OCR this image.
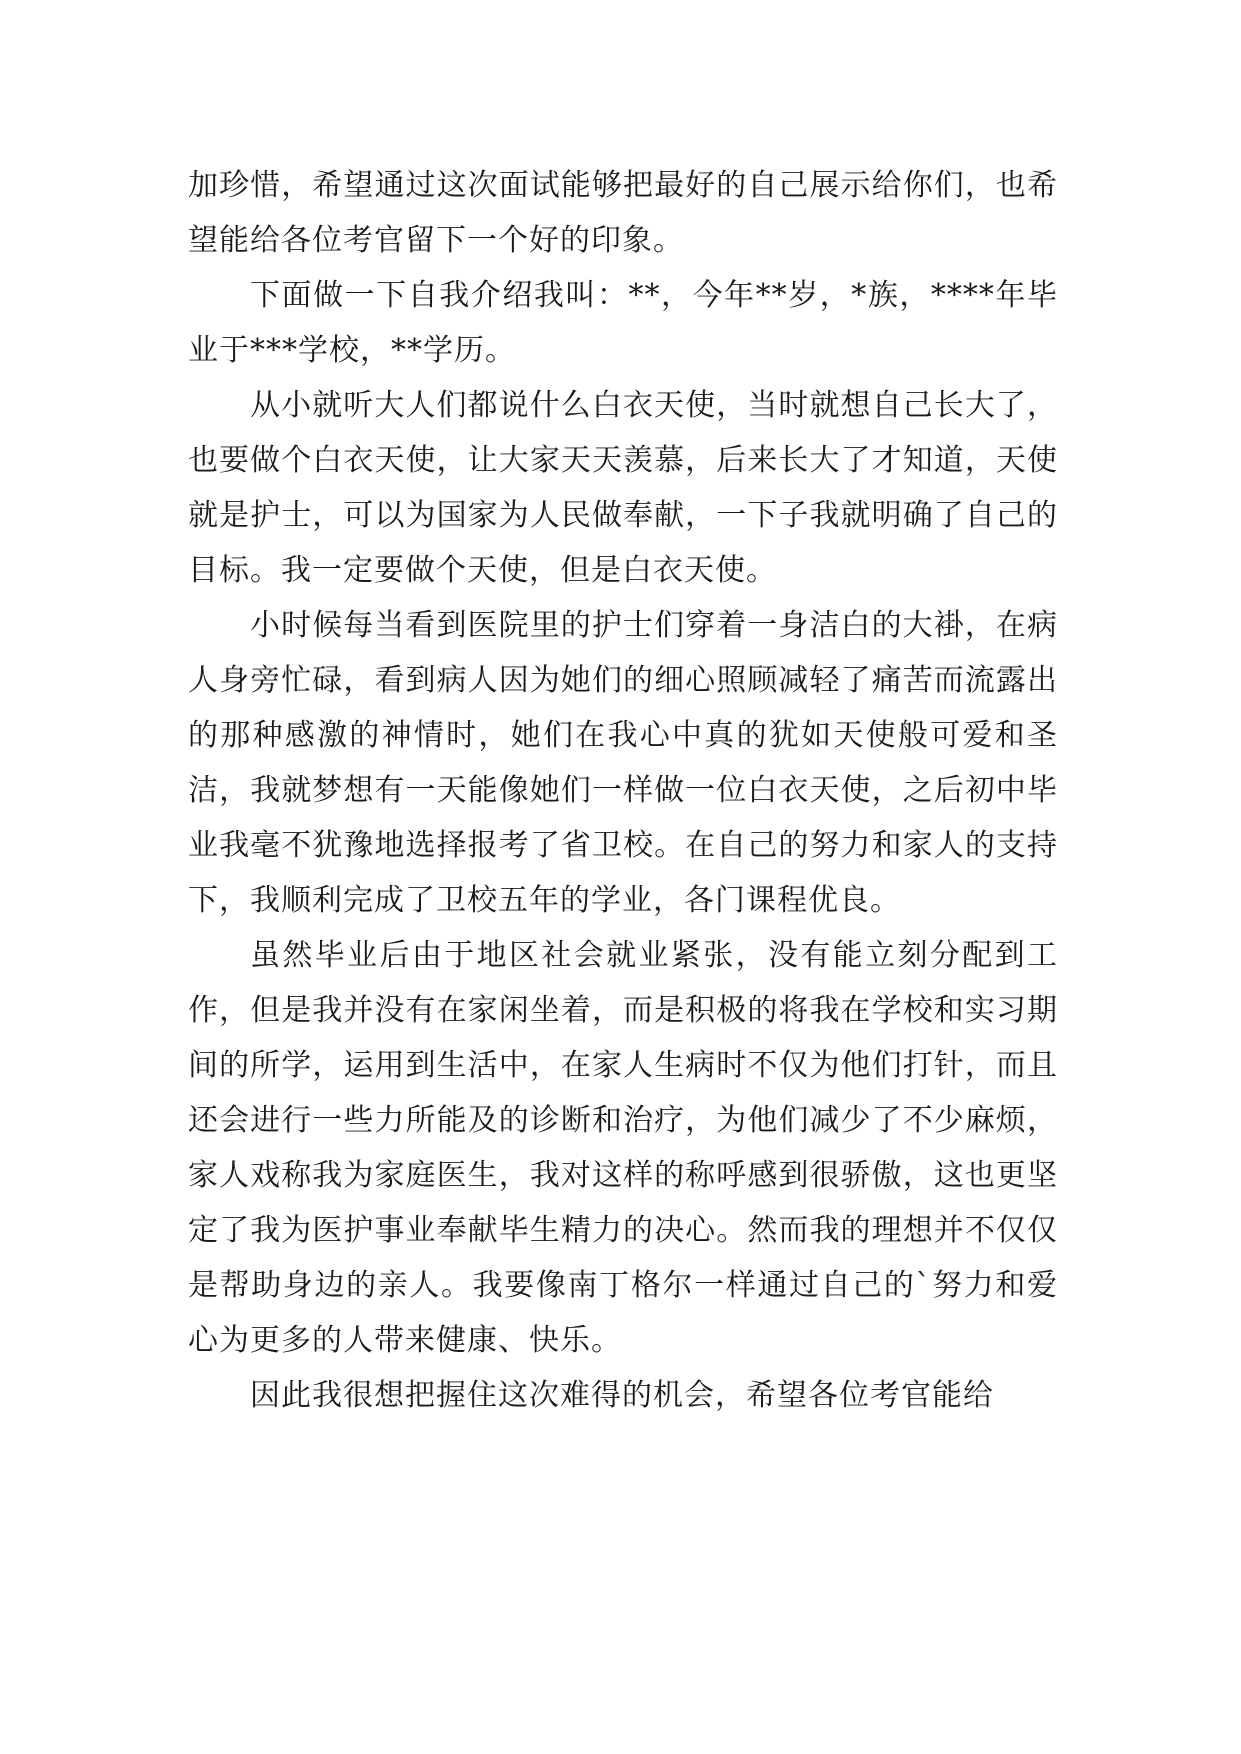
加珍惜，希望通过这次面试能够把最好的自己展示给你们，也希望能给各位考官留下一个好的印象。

下面做一下自我介绍我叫：**，今年**岁，*族，****年毕业于***学校，**学历。

从小就听大人们都说什么白衣天使，当时就想自己长大了，也要做个白衣天使，让大家天天羡慕，后来长大了才知道，天使就是护士，可以为国家为人民做奉献，一下子我就明确了自己的目标。我一定要做个天使，但是白衣天使。

小时候每当看到医院里的护士们穿着一身洁白的大褂，在病人身旁忙碌，看到病人因为她们的细心照顾减轻了痛苦而流露出的那种感激的神情时，她们在我心中真的犹如天使般可爱和圣洁，我就梦想有一天能像她们一样做一位白衣天使，之后初中毕业我毫不犹豫地选择报考了省卫校。在自己的努力和家人的支持下，我顺利完成了卫校五年的学业，各门课程优良。

虽然毕业后由于地区社会就业紧张，没有能立刻分配到工作，但是我并没有在家闲坐着，而是积极的将我在学校和实习期间的所学，运用到生活中，在家人生病时不仅为他们打针，而且还会进行一些力所能及的诊断和治疗，为他们减少了不少麻烦，家人戏称我为家庭医生，我对这样的称呼感到很骄傲，这也更坚定了我为医护事业奉献毕生精力的决心。然而我的理想并不仅仅是帮助身边的亲人。我要像南丁格尔一样通过自己的`努力和爱心为更多的人带来健康、快乐。

因此我很想把握住这次难得的机会，希望各位考官能给
